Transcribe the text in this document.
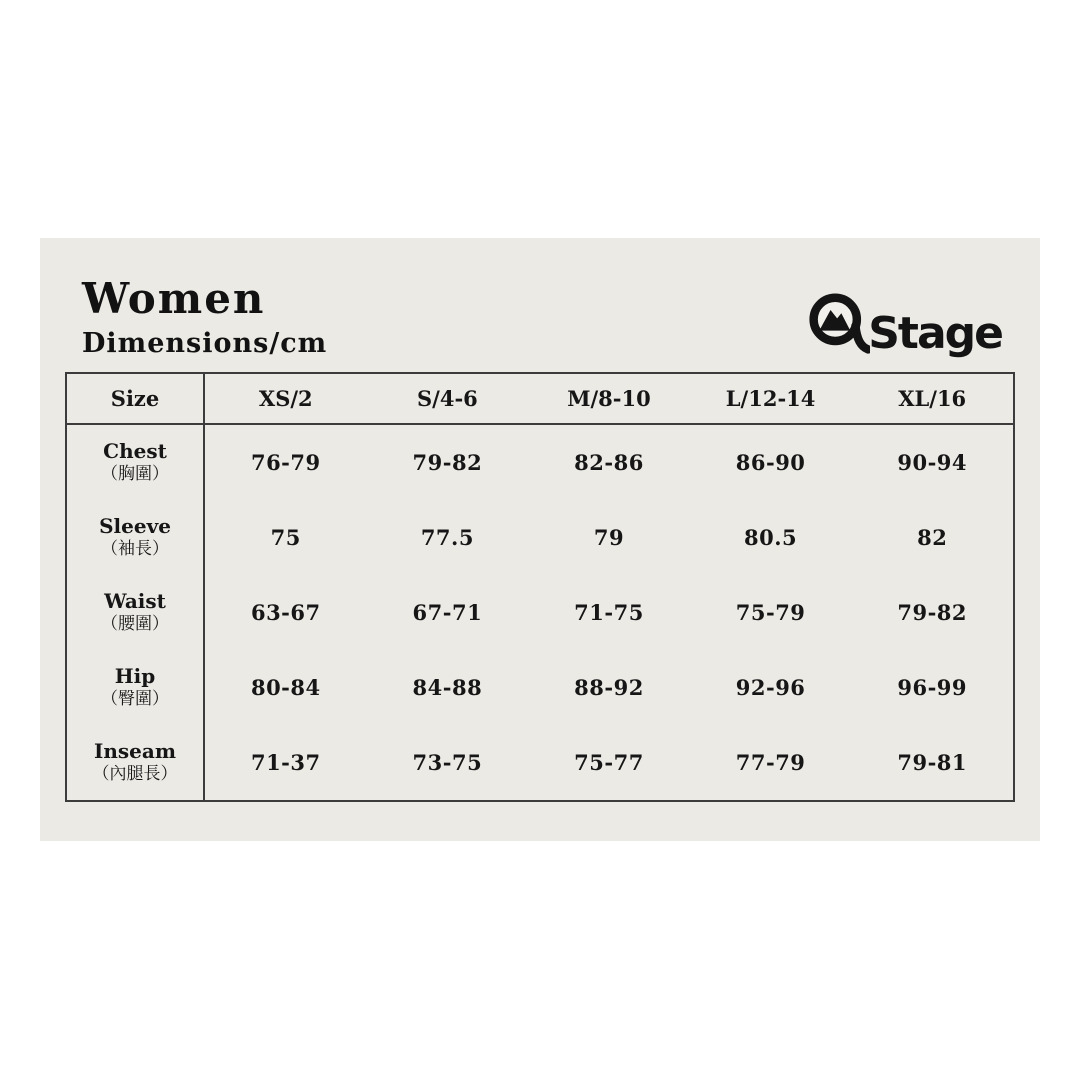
Women
Dimensions/cm	Stage
Size	XS/2	S/4-6	M/8-10	L/12-14	XL/16
Chest
（胸圍）	76-79	79-82	82-86	86-90	90-94
Sleeve
（袖長）	75	77.5	79	80.5	82
Waist
（腰圍）	63-67	67-71	71-75	75-79	79-82
Hip
（臀圍）	80-84	84-88	88-92	92-96	96-99
Inseam
（內腿長）	71-37	73-75	75-77	77-79	79-81
